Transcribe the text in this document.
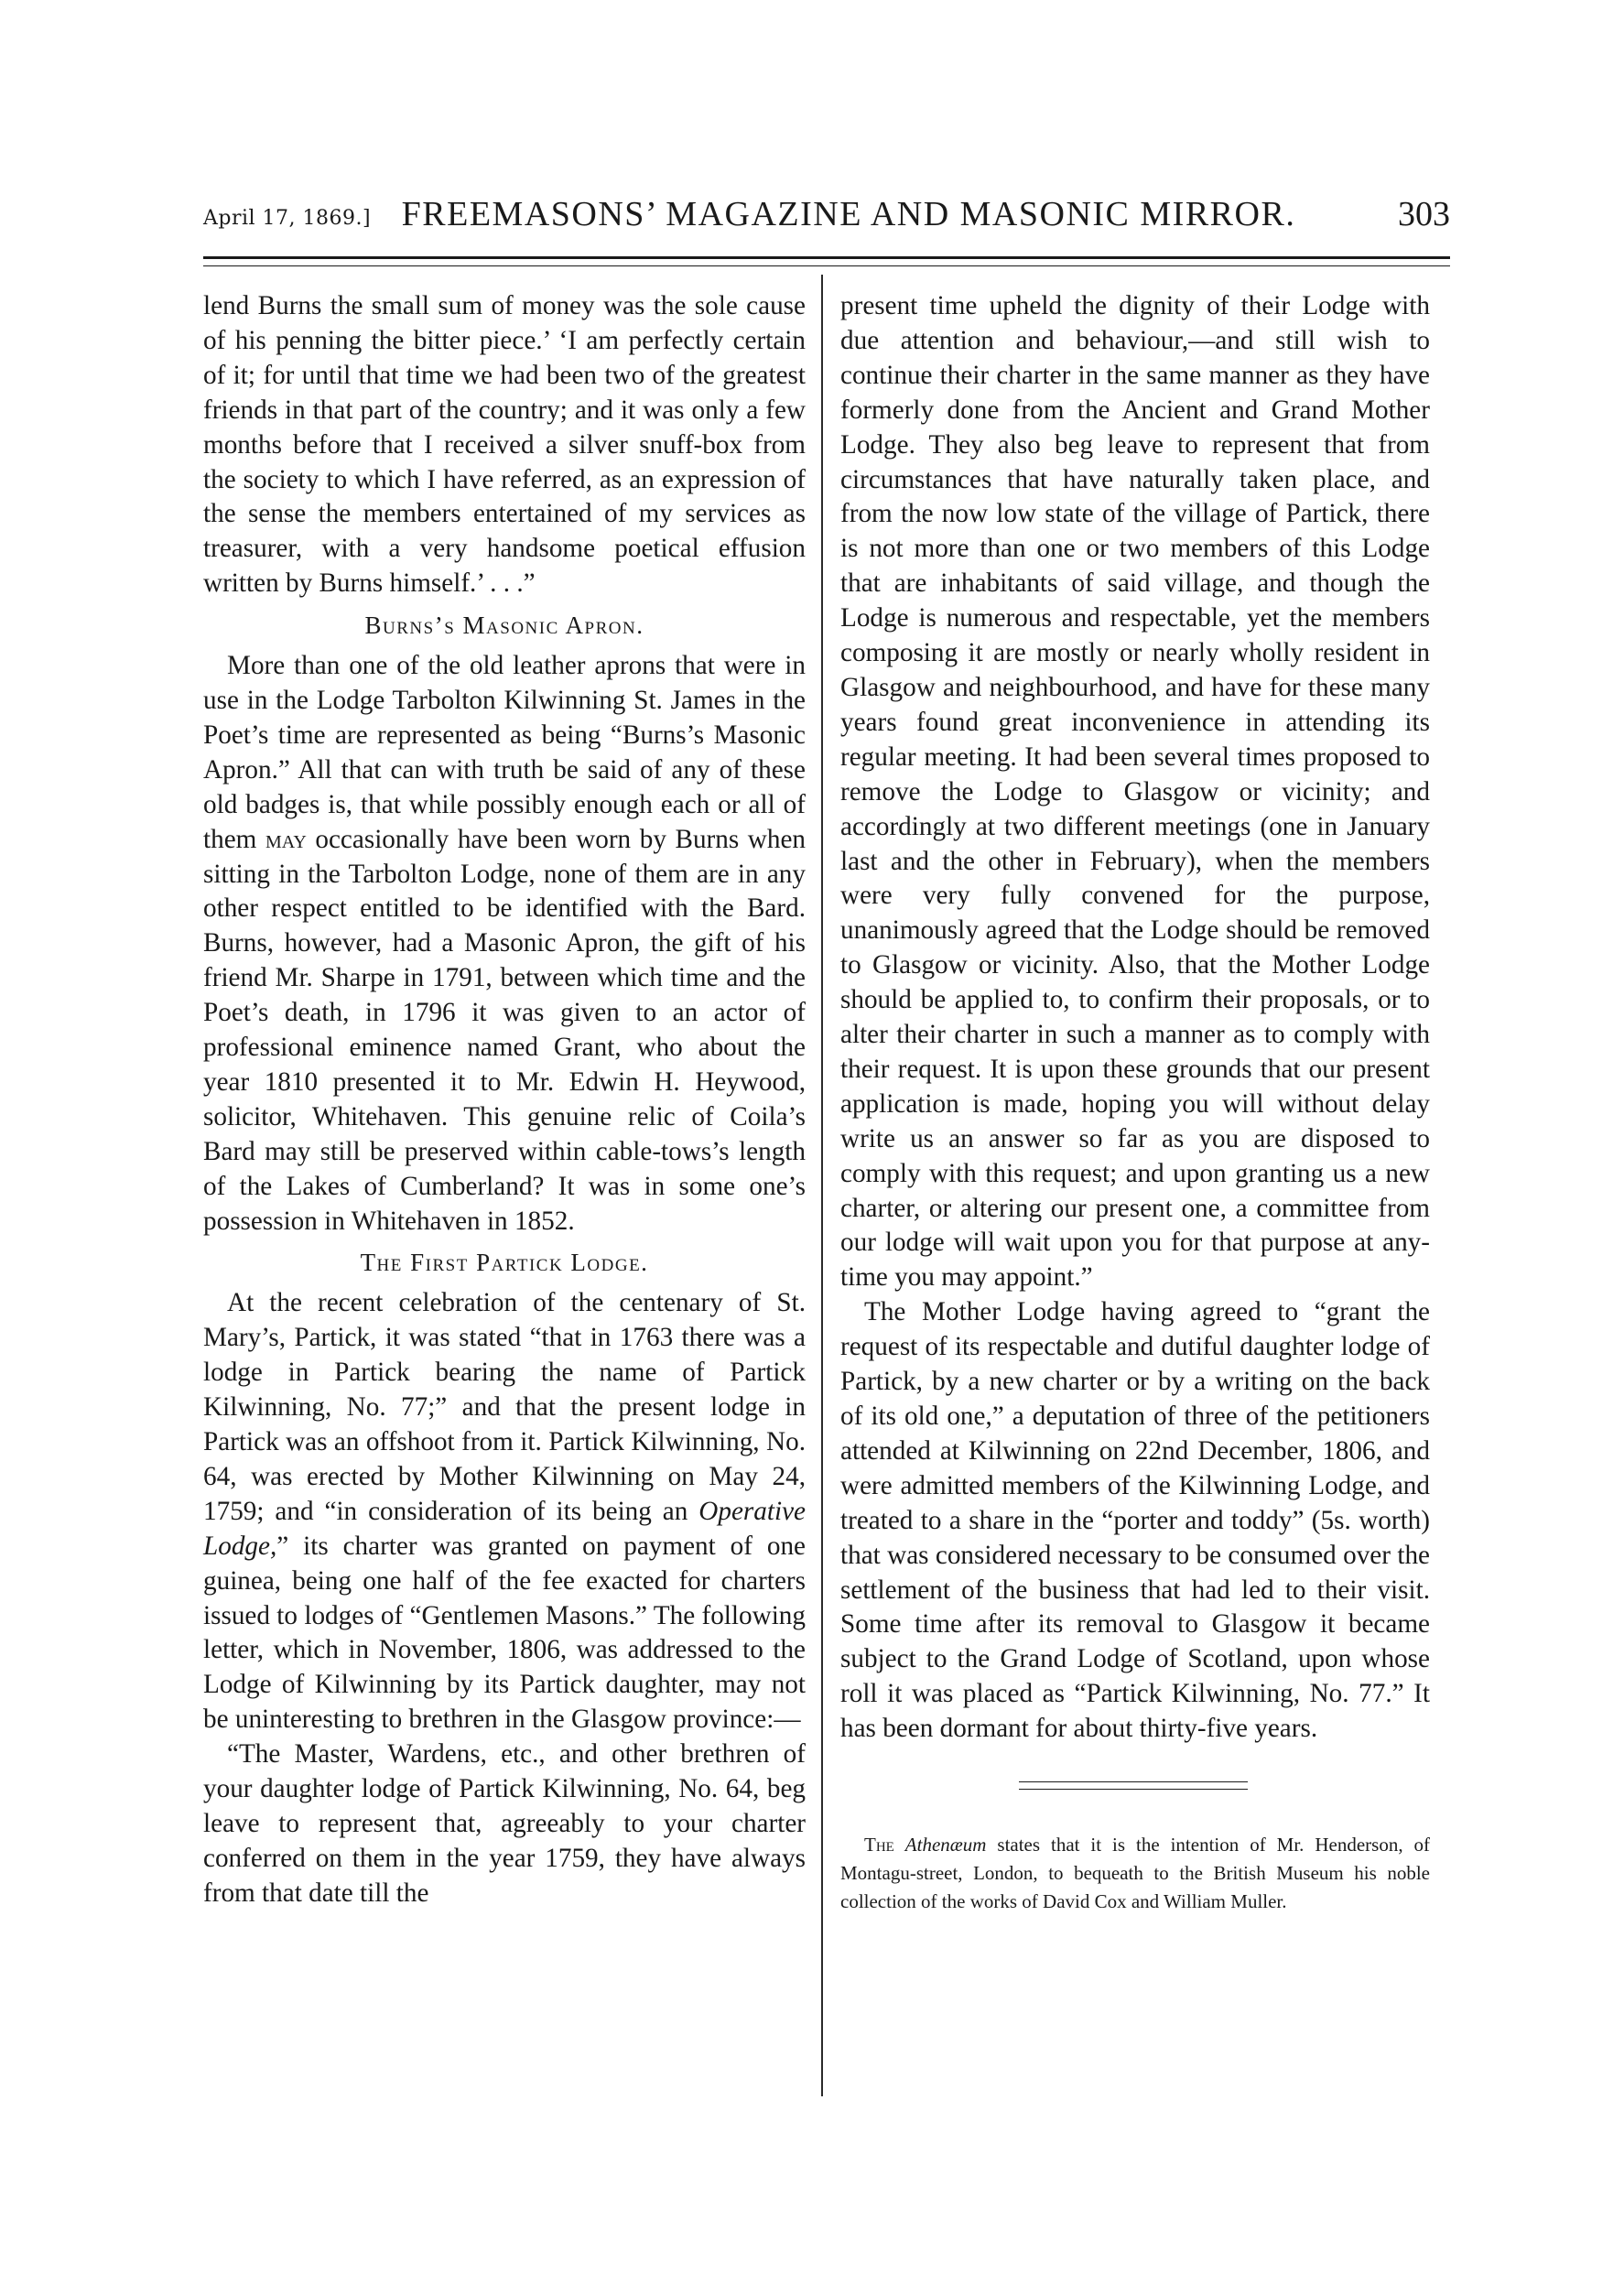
April 17, 1869.] FREEMASONS’ MAGAZINE AND MASONIC MIRROR.	303

lend Burns the small sum of money was the sole cause of his penning the bitter piece.’ ‘I am perfectly certain of it; for until that time we had been two of the greatest friends in that part of the country; and it was only a few months before that I received a silver snuff-box from the society to which I have referred, as an expression of the sense the members entertained of my services as treasurer, with a very handsome poetical effusion written by Burns himself.’ . . .”

Burns’s Masonic Apron.

More than one of the old leather aprons that were in use in the Lodge Tarbolton Kilwinning St. James in the Poet’s time are represented as being “Burns’s Masonic Apron.” All that can with truth be said of any of these old badges is, that while possibly enough each or all of them may occasionally have been worn by Burns when sitting in the Tarbolton Lodge, none of them are in any other respect entitled to be identified with the Bard. Burns, however, had a Masonic Apron, the gift of his friend Mr. Sharpe in 1791, between which time and the Poet’s death, in 1796 it was given to an actor of professional eminence named Grant, who about the year 1810 presented it to Mr. Edwin H. Heywood, solicitor, Whitehaven. This genuine relic of Coila’s Bard may still be preserved within cable-tows’s length of the Lakes of Cumberland? It was in some one’s possession in Whitehaven in 1852.

The First Partick Lodge.

At the recent celebration of the centenary of St. Mary’s, Partick, it was stated “that in 1763 there was a lodge in Partick bearing the name of Partick Kilwinning, No. 77;” and that the present lodge in Partick was an offshoot from it. Partick Kilwinning, No. 64, was erected by Mother Kilwinning on May 24, 1759; and “in consideration of its being an Operative Lodge,” its charter was granted on payment of one guinea, being one half of the fee exacted for charters issued to lodges of “Gentlemen Masons.” The following letter, which in November, 1806, was addressed to the Lodge of Kilwinning by its Partick daughter, may not be uninteresting to brethren in the Glasgow province:—

“The Master, Wardens, etc., and other brethren of your daughter lodge of Partick Kilwinning, No. 64, beg leave to represent that, agreeably to your charter conferred on them in the year 1759, they have always from that date till the

present time upheld the dignity of their Lodge with due attention and behaviour,—and still wish to continue their charter in the same manner as they have formerly done from the Ancient and Grand Mother Lodge. They also beg leave to represent that from circumstances that have naturally taken place, and from the now low state of the village of Partick, there is not more than one or two members of this Lodge that are inhabitants of said village, and though the Lodge is numerous and respectable, yet the members composing it are mostly or nearly wholly resident in Glasgow and neighbourhood, and have for these many years found great inconvenience in attending its regular meeting. It had been several times proposed to remove the Lodge to Glasgow or vicinity; and accordingly at two different meetings (one in January last and the other in February), when the members were very fully convened for the purpose, unanimously agreed that the Lodge should be removed to Glasgow or vicinity. Also, that the Mother Lodge should be applied to, to confirm their proposals, or to alter their charter in such a manner as to comply with their request. It is upon these grounds that our present application is made, hoping you will without delay write us an answer so far as you are disposed to comply with this request; and upon granting us a new charter, or altering our present one, a committee from our lodge will wait upon you for that purpose at any-time you may appoint.”

The Mother Lodge having agreed to “grant the request of its respectable and dutiful daughter lodge of Partick, by a new charter or by a writing on the back of its old one,” a deputation of three of the petitioners attended at Kilwinning on 22nd December, 1806, and were admitted members of the Kilwinning Lodge, and treated to a share in the “porter and toddy” (5s. worth) that was considered necessary to be consumed over the settlement of the business that had led to their visit. Some time after its removal to Glasgow it became subject to the Grand Lodge of Scotland, upon whose roll it was placed as “Partick Kilwinning, No. 77.” It has been dormant for about thirty-five years.

The Athenæum states that it is the intention of Mr. Henderson, of Montagu-street, London, to bequeath to the British Museum his noble collection of the works of David Cox and William Muller.
